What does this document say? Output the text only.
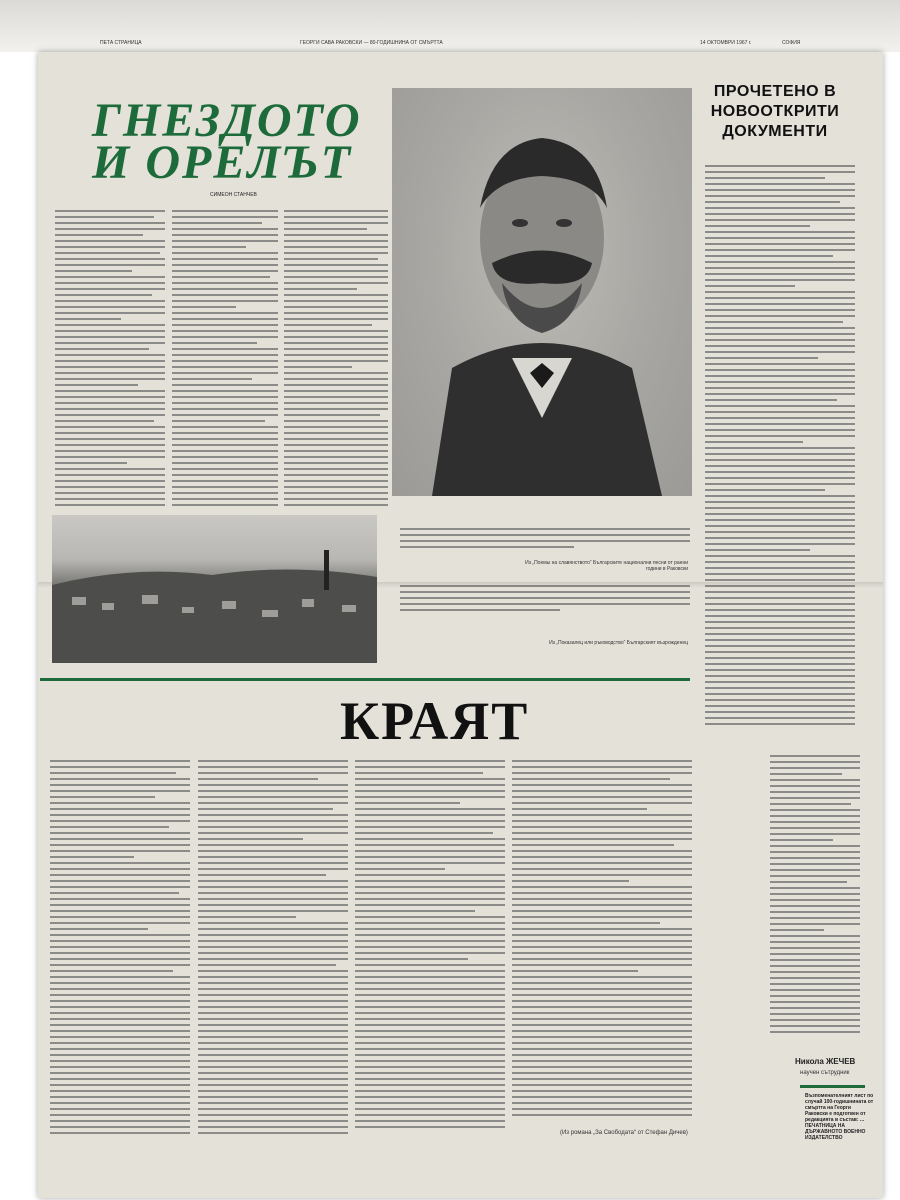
ПЕТА СТРАНИЦА	ГЕОРГИ САВА РАКОВСКИ — 80-ГОДИШНИНА ОТ СМЪРТТА	14 ОКТОМВРИ 1967 г.	СОФИЯ
ГНЕЗДОТО
И ОРЕЛЪТ
СИМЕОН СТАНЧЕВ
Из „Поемы на славянството“ Българските национални песни от ранни години в Раковски
Из „Показалец или ръководство“ Българският възрожденец
ПРОЧЕТЕНО В
НОВООТКРИТИ
ДОКУМЕНТИ
Никола ЖЕЧЕВ
научен сътрудник
Възпоменателният лист по случай 100-годишнината от смъртта на Георги Раковски е подготвен от редакцията в състав: ... ПЕЧАТНИЦА НА ДЪРЖАВНОТО ВОЕННО ИЗДАТЕЛСТВО
КРАЯТ
(Из романа „За Свободата“ от Стефан Дичев)
